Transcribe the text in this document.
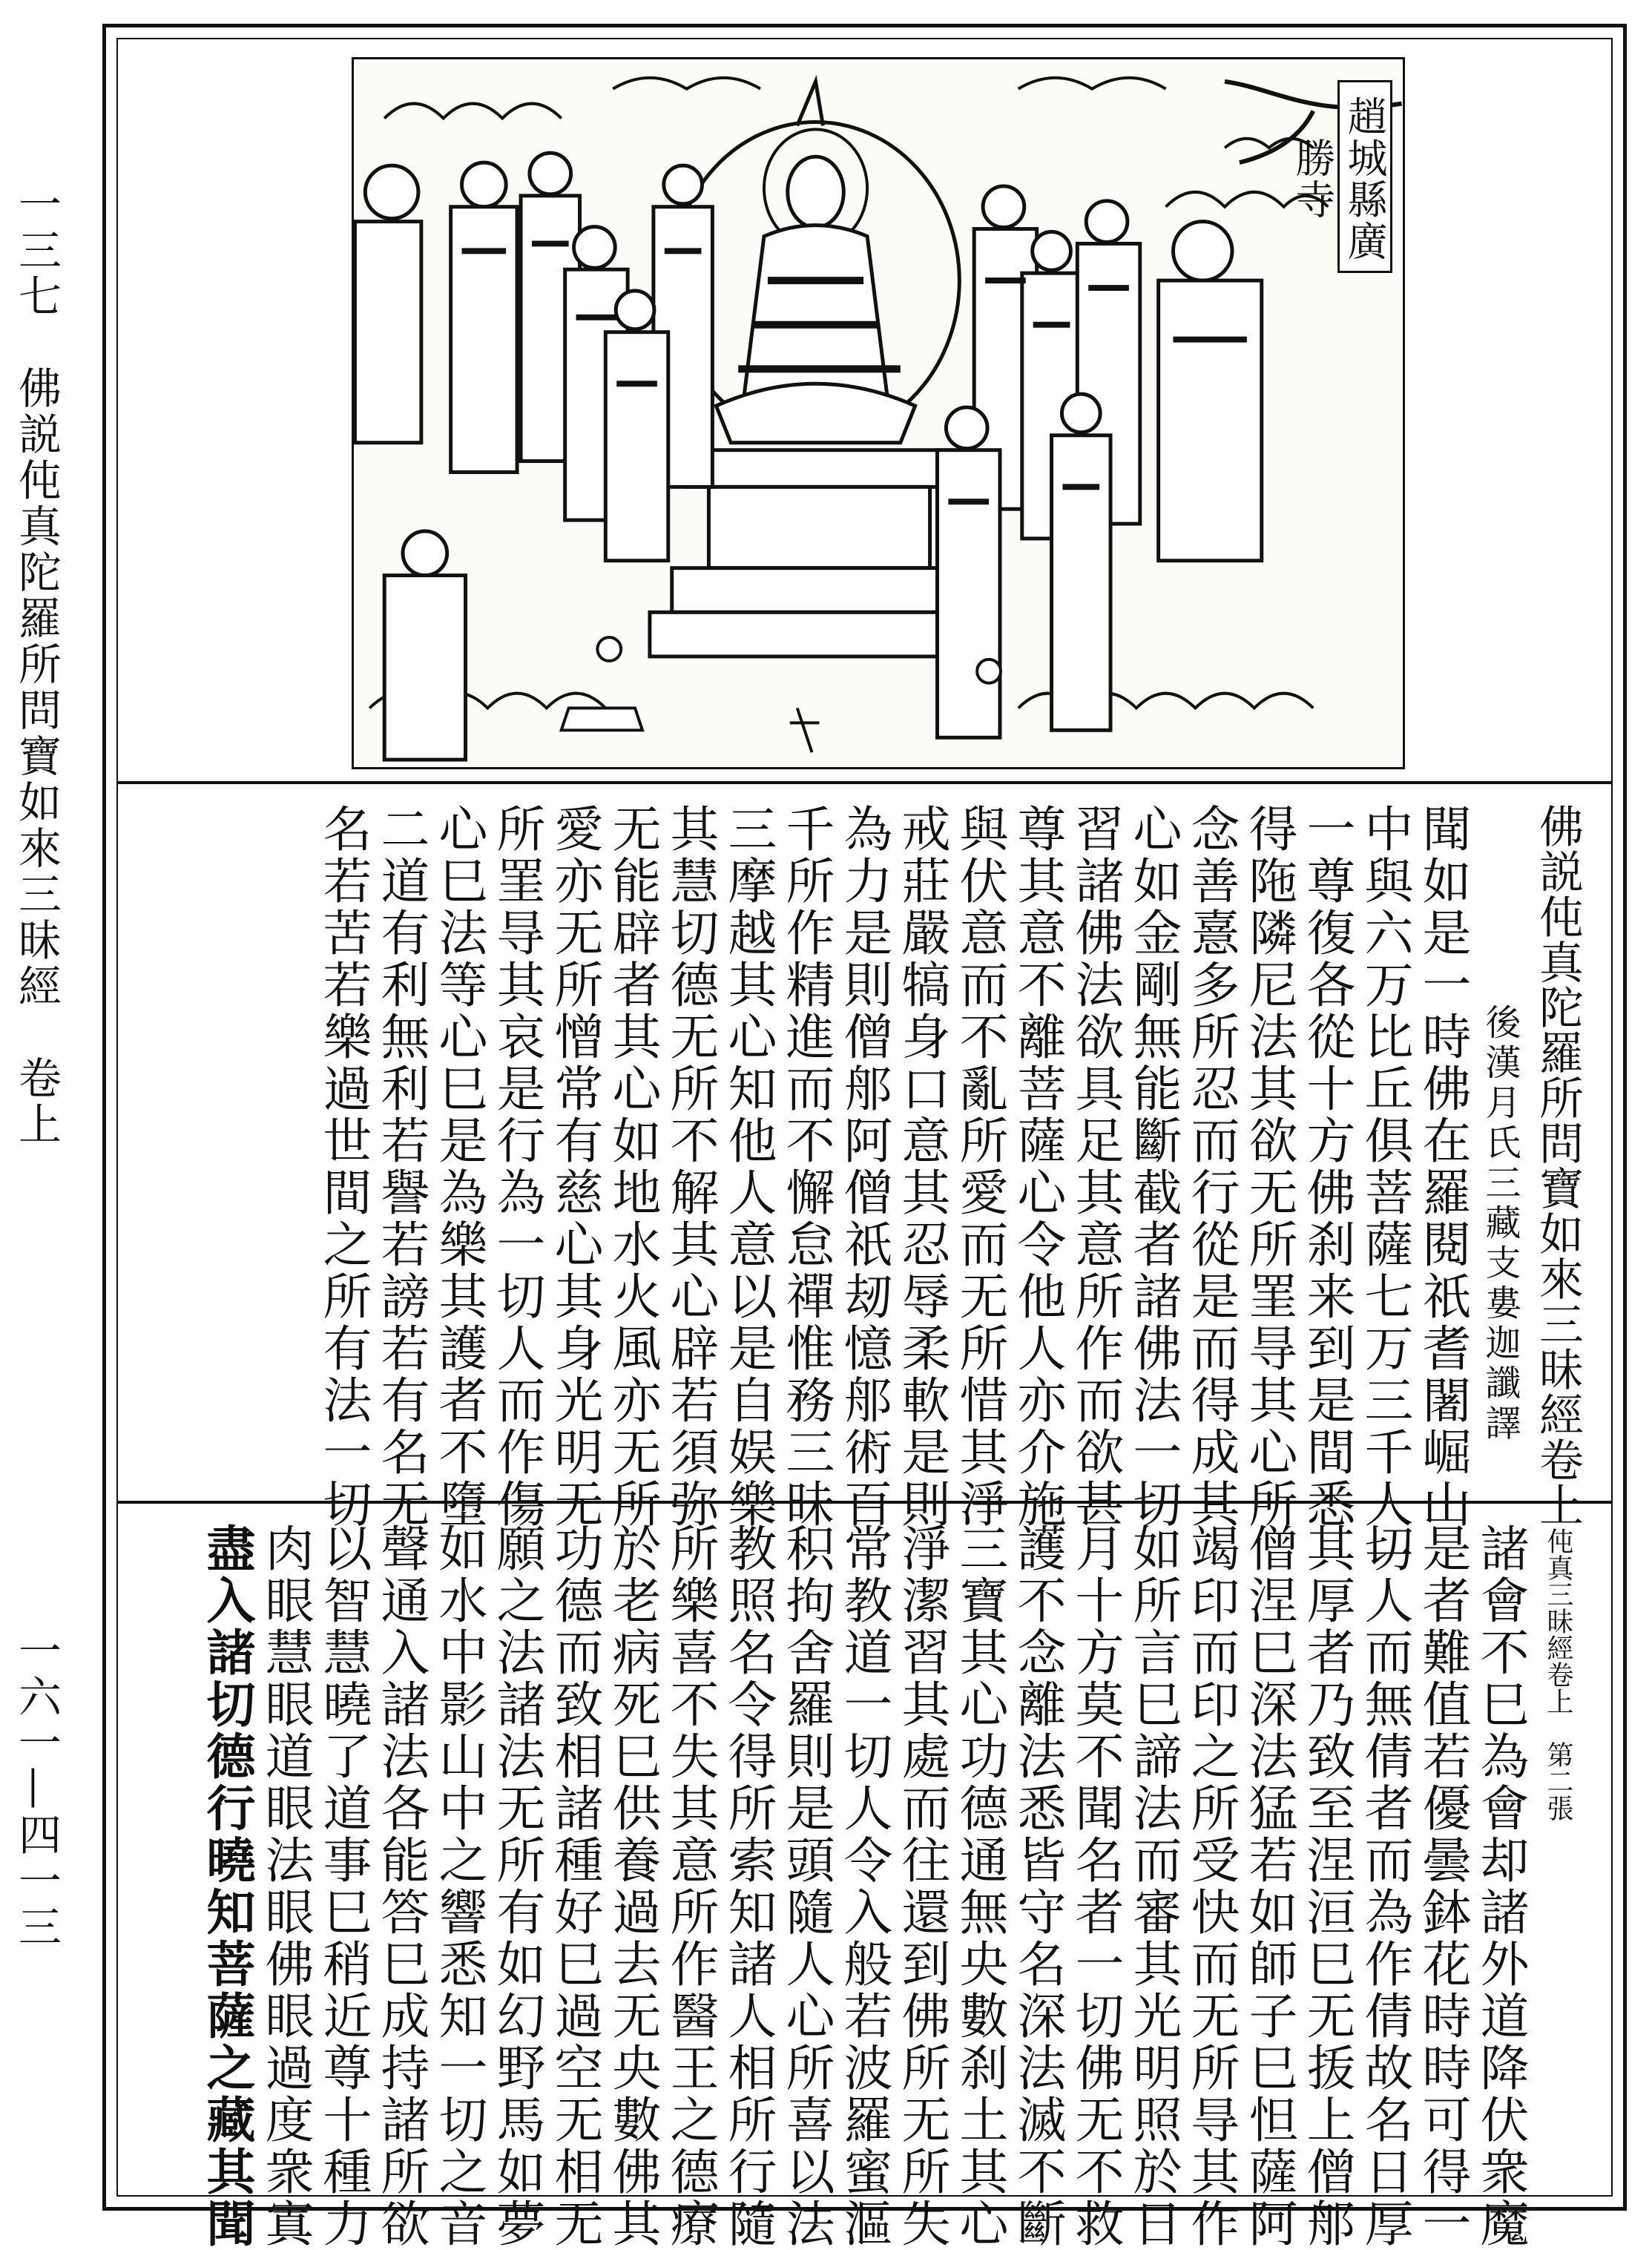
一三七　佛説伅真陀羅所問寶如來三昧經　卷上
一六一—四一三
趙城縣廣勝寺
佛説伅真陀羅所問寶如來三昧經卷上
後漢月氏三藏支婁迦讖譯
聞如是一時佛在羅閱祇耆闍崛山
中與六万比丘俱菩薩七万三千人一
一尊復各從十方佛刹来到是間悉
得陁隣尼法其欲无所罣㝵其心所
念善憙多所忍而行從是而得成其
心如金剛無能斷截者諸佛法一切
習諸佛法欲具足其意所作而欲甚
尊其意不離菩薩心令他人亦介施
與伏意而不亂所愛而无所惜其淨
戒莊嚴犒身口意其忍辱柔軟是則
為力是則僧郍阿僧祇刼憶郍術百
千所作精進而不懈怠禪惟務三昧
三摩越其心知他人意以是自娱樂
其慧切德无所不解其心辟若須弥
无能辟者其心如地水火風亦无所
愛亦无所憎常有慈心其身光明无
所罣㝵其哀是行為一切人而作傷
心巳法等心巳是為樂其護者不墮
二道有利無利若譽若謗若有名无
名若苦若樂過世間之所有法一切
伅真三昧經卷上　第二張
諸會不巳為會却諸外道降伏衆魔
是者難值若優曇鉢花時時可得一
切人而無倩者而為作倩故名日厚
其厚者乃致至涅洹巳无㧞上僧郍
僧涅巳深法猛若如師子巳怛薩阿
竭印而印之所受快而无所㝵其作
如所言巳諦法而審其光明照於日
月十方莫不聞名者一切佛无不救
護不念離法悉皆守名深法滅不斷
三寶其心功德通無央數刹土其心
淨潔習其處而往還到佛所无所失
常教道一切人令入般若波羅蜜漚
积拘舍羅則是頭隨人心所喜以法
教照名令得所索知諸人相所行隨
所樂喜不失其意所作醫王之德療
於老病死巳供養過去无央數佛其
功德而致相諸種好巳過空无相无
願之法諸法无所有如幻野馬如夢
如水中影山中之響悉知一切之音
聲通入諸法各能答巳成持諸所欲
以智慧曉了道事巳稍近尊十種力
肉眼慧眼道眼法眼佛眼過度衆寘
盡入諸切德行曉知菩薩之藏其聞
